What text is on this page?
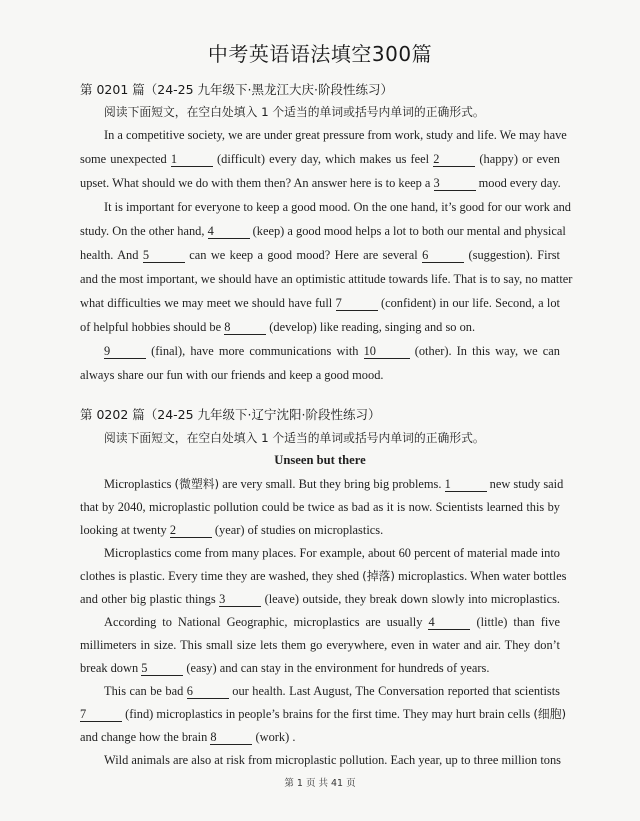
中考英语语法填空300篇
第 0201 篇（24-25 九年级下·黑龙江大庆·阶段性练习）
阅读下面短文，在空白处填入 1 个适当的单词或括号内单词的正确形式。
In a competitive society, we are under great pressure from work, study and life. We may have
some unexpected 1	(difficult) every day, which makes us feel 2	(happy) or even
upset. What should we do with them then? An answer here is to keep a 3	mood every day.
It is important for everyone to keep a good mood. On the one hand, it’s good for our work and
study. On the other hand, 4	(keep) a good mood helps a lot to both our mental and physical
health. And 5	can we keep a good mood? Here are several 6	(suggestion). First
and the most important, we should have an optimistic attitude towards life. That is to say, no matter
what difficulties we may meet we should have full 7	(confident) in our life. Second, a lot
of helpful hobbies should be 8	(develop) like reading, singing and so on.
9	(final), have more communications with 10	(other). In this way, we can
always share our fun with our friends and keep a good mood.
第 0202 篇（24-25 九年级下·辽宁沈阳·阶段性练习）
阅读下面短文，在空白处填入 1 个适当的单词或括号内单词的正确形式。
Unseen but there
Microplastics (微塑料) are very small. But they bring big problems. 1	new study said
that by 2040, microplastic pollution could be twice as bad as it is now. Scientists learned this by
looking at twenty 2	(year) of studies on microplastics.
Microplastics come from many places. For example, about 60 percent of material made into
clothes is plastic. Every time they are washed, they shed (掉落) microplastics. When water bottles
and other big plastic things 3	(leave) outside, they break down slowly into microplastics.
According to National Geographic, microplastics are usually 4	(little) than five
millimeters in size. This small size lets them go everywhere, even in water and air. They don’t
break down 5	(easy) and can stay in the environment for hundreds of years.
This can be bad 6	our health. Last August, The Conversation reported that scientists
7	(find) microplastics in people’s brains for the first time. They may hurt brain cells (细胞)
and change how the brain 8	(work) .
Wild animals are also at risk from microplastic pollution. Each year, up to three million tons
第 1 页 共 41 页
